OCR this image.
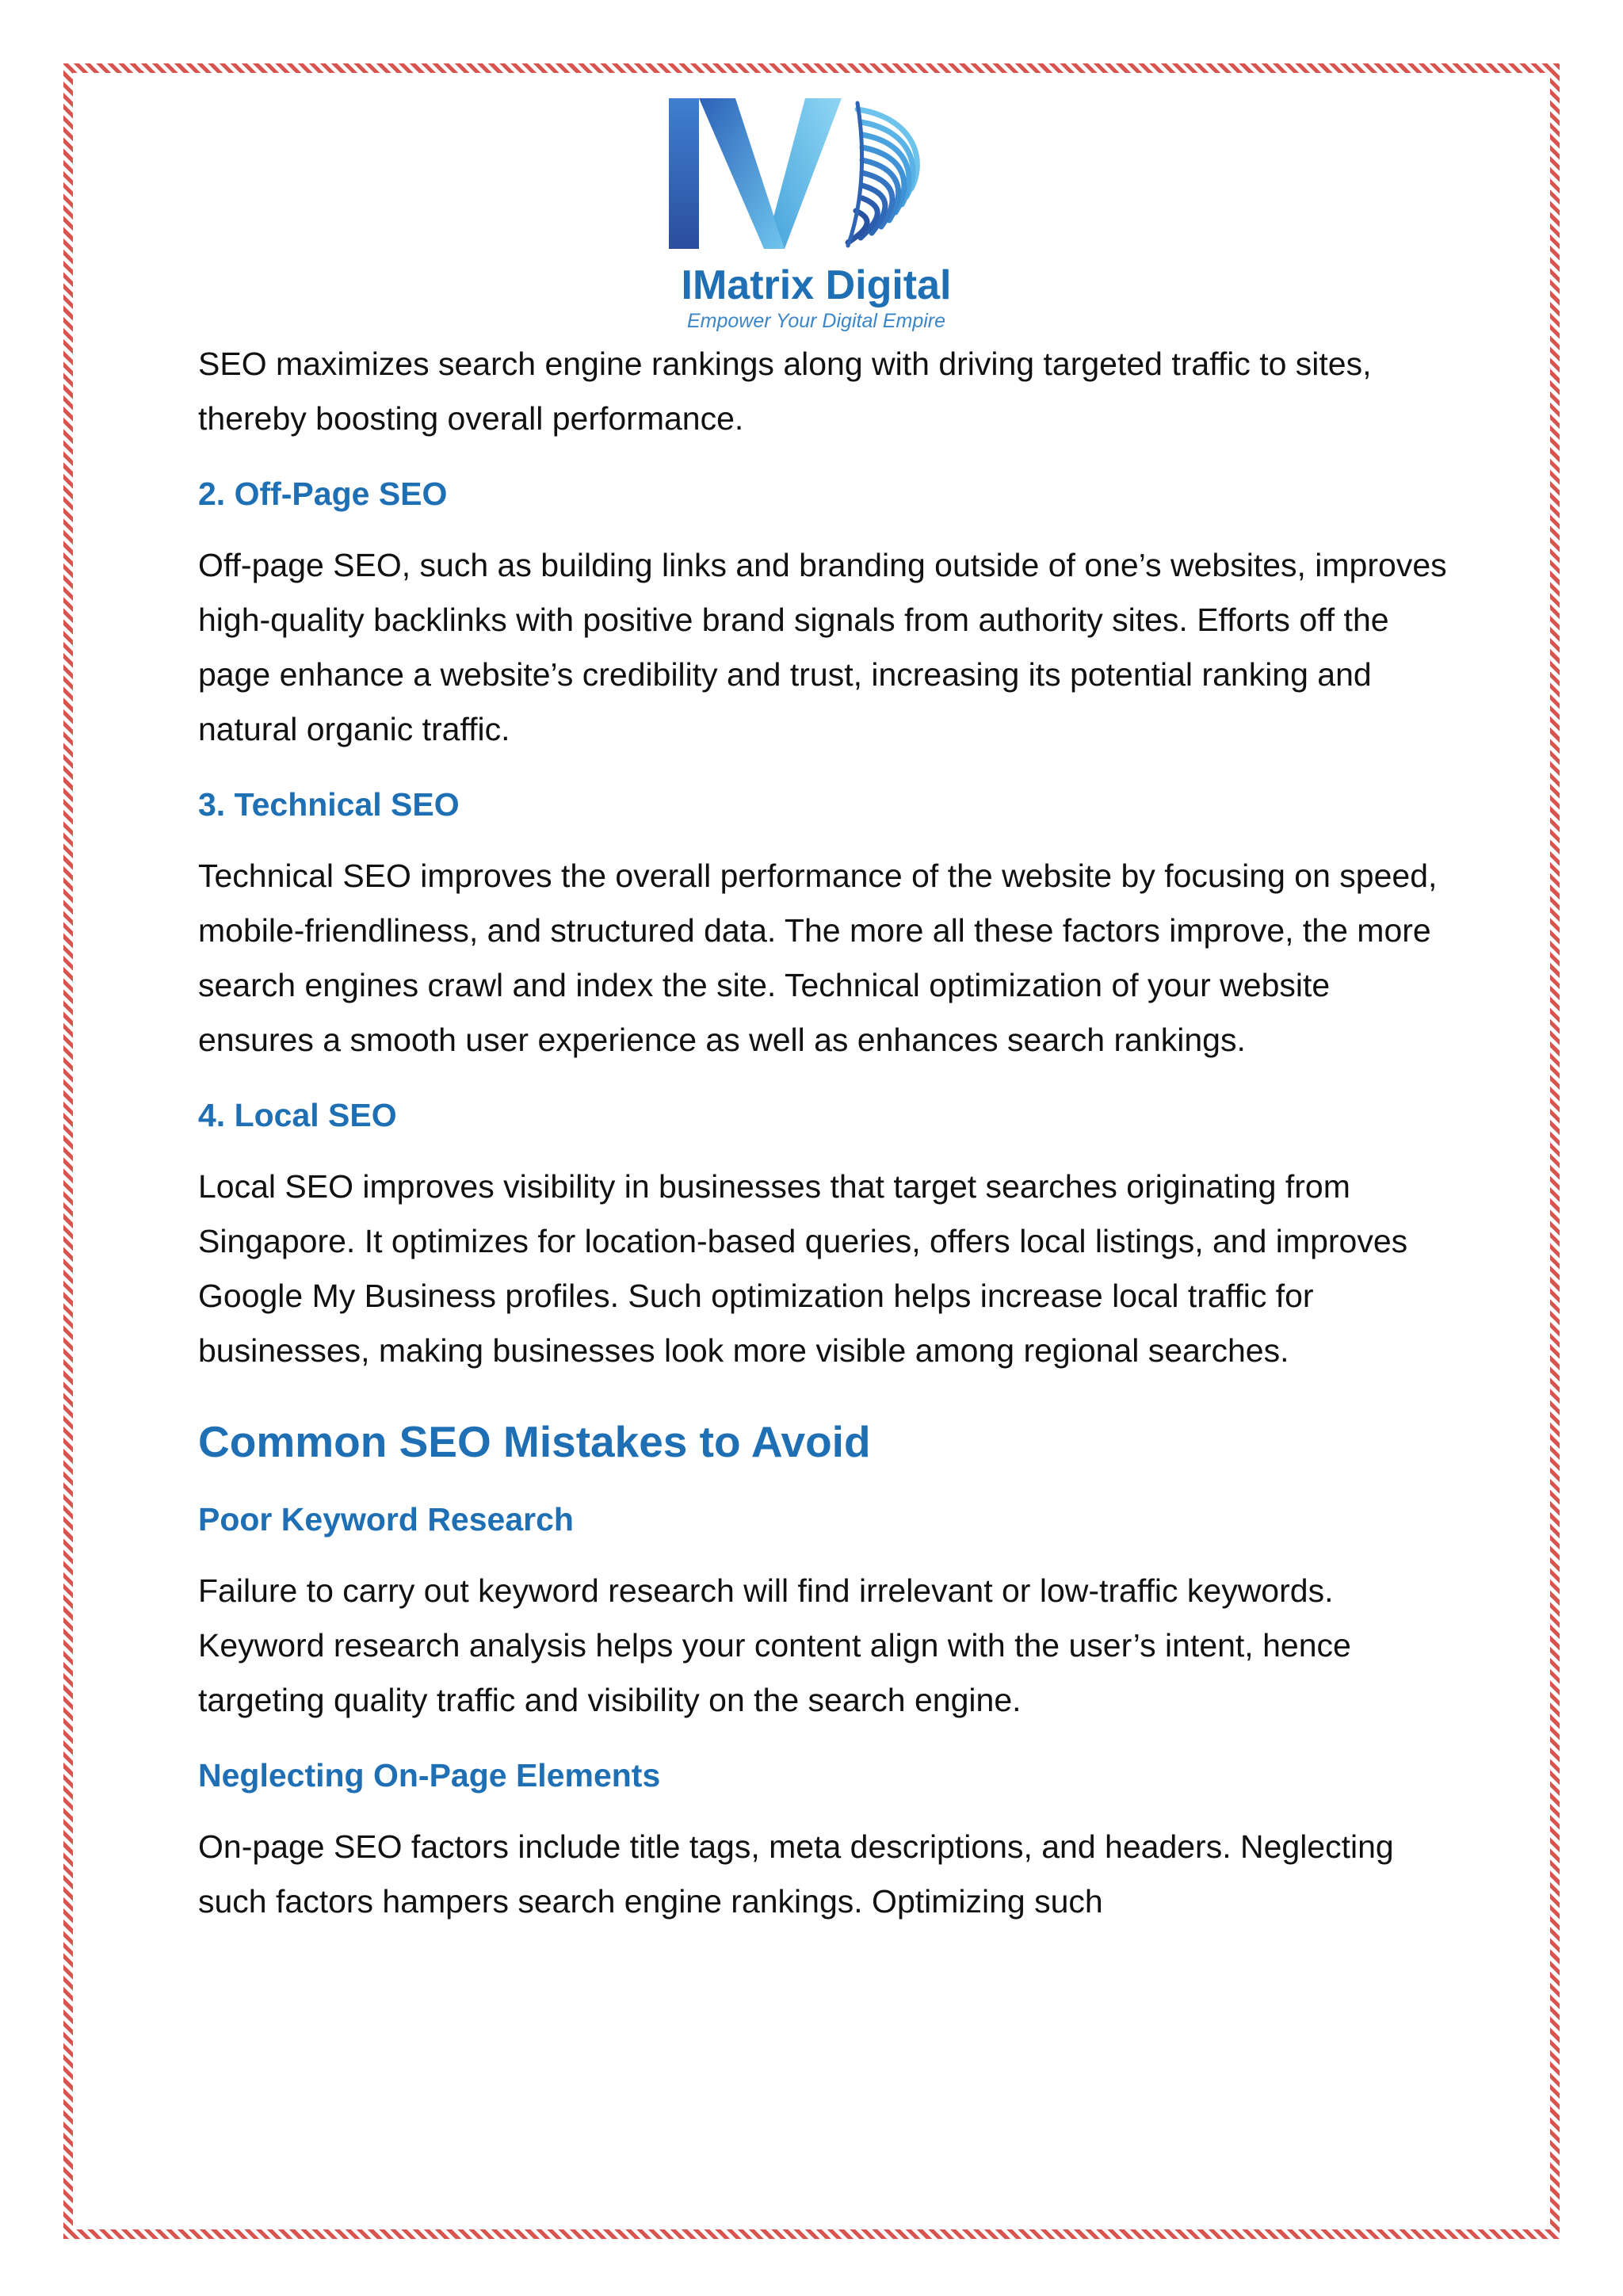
IMatrix Digital
Empower Your Digital Empire

SEO maximizes search engine rankings along with driving targeted traffic to sites, thereby boosting overall performance.

2. Off-Page SEO

Off-page SEO, such as building links and branding outside of one’s websites, improves high-quality backlinks with positive brand signals from authority sites. Efforts off the page enhance a website’s credibility and trust, increasing its potential ranking and natural organic traffic.

3. Technical SEO

Technical SEO improves the overall performance of the website by focusing on speed, mobile-friendliness, and structured data. The more all these factors improve, the more search engines crawl and index the site. Technical optimization of your website ensures a smooth user experience as well as enhances search rankings.

4. Local SEO

Local SEO improves visibility in businesses that target searches originating from Singapore. It optimizes for location-based queries, offers local listings, and improves Google My Business profiles. Such optimization helps increase local traffic for businesses, making businesses look more visible among regional searches.

Common SEO Mistakes to Avoid
Poor Keyword Research

Failure to carry out keyword research will find irrelevant or low-traffic keywords. Keyword research analysis helps your content align with the user’s intent, hence targeting quality traffic and visibility on the search engine.

Neglecting On-Page Elements

On-page SEO factors include title tags, meta descriptions, and headers. Neglecting such factors hampers search engine rankings. Optimizing such
